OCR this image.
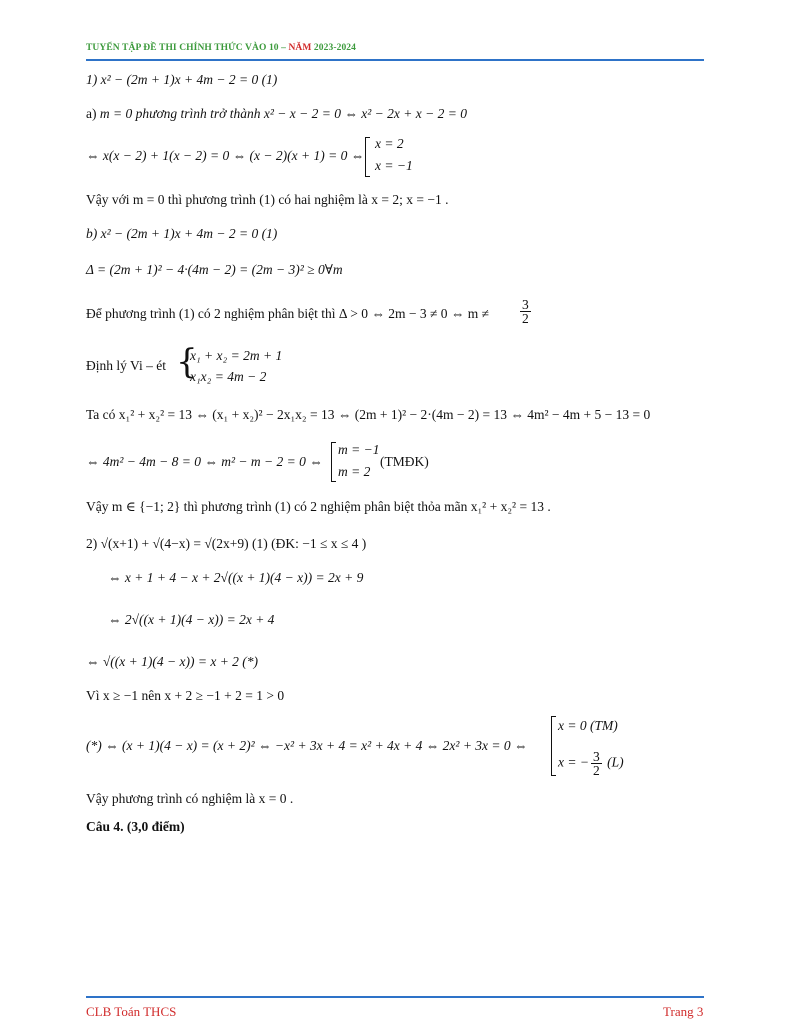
TUYỂN TẬP ĐỀ THI CHÍNH THỨC VÀO 10 – NĂM 2023-2024
1) x² − (2m + 1)x + 4m − 2 = 0 (1)
a) m = 0 phương trình trở thành x² − x − 2 = 0 ⇔ x² − 2x + x − 2 = 0
⇔ x(x − 2) + 1(x − 2) = 0 ⇔ (x − 2)(x + 1) = 0 ⇔
x = 2
x = −1
Vậy với m = 0 thì phương trình (1) có hai nghiệm là x = 2; x = −1 .
b) x² − (2m + 1)x + 4m − 2 = 0 (1)
Δ = (2m + 1)² − 4·(4m − 2) = (2m − 3)² ≥ 0∀m
Để phương trình (1) có 2 nghiệm phân biệt thì Δ > 0 ⇔ 2m − 3 ≠ 0 ⇔ $m \ne \frac{3}{2}$
Định lý Vi – ét {
x₁ + x₂ = 2m + 1
x₁x₂ = 4m − 2
Ta có x₁² + x₂² = 13 ⇔ (x₁ + x₂)² − 2x₁x₂ = 13 ⇔ (2m + 1)² − 2·(4m − 2) = 13 ⇔ 4m² − 4m + 5 − 13 = 0
⇔ 4m² − 4m − 8 = 0 ⇔ m² − m − 2 = 0 ⇔
m = −1
m = 2
(TMĐK)
Vậy m ∈ {−1; 2} thì phương trình (1) có 2 nghiệm phân biệt thỏa mãn x₁² + x₂² = 13 .
2) √(x+1) + √(4−x) = √(2x+9) (1) (ĐK: −1 ≤ x ≤ 4 )
⇔ x + 1 + 4 − x + 2√((x + 1)(4 − x)) = 2x + 9
⇔ 2√((x + 1)(4 − x)) = 2x + 4
⇔ √((x + 1)(4 − x)) = x + 2 (*)
Vì x ≥ −1 nên x + 2 ≥ −1 + 2 = 1 > 0
(*) ⇔ (x + 1)(4 − x) = (x + 2)² ⇔ −x² + 3x + 4 = x² + 4x + 4 ⇔ 2x² + 3x = 0 ⇔
x = 0 (TM)
x = − $\frac{3}{2} (L)$
Vậy phương trình có nghiệm là x = 0 .
Câu 4. (3,0 điểm)
CLB Toán THCS	Trang 3
